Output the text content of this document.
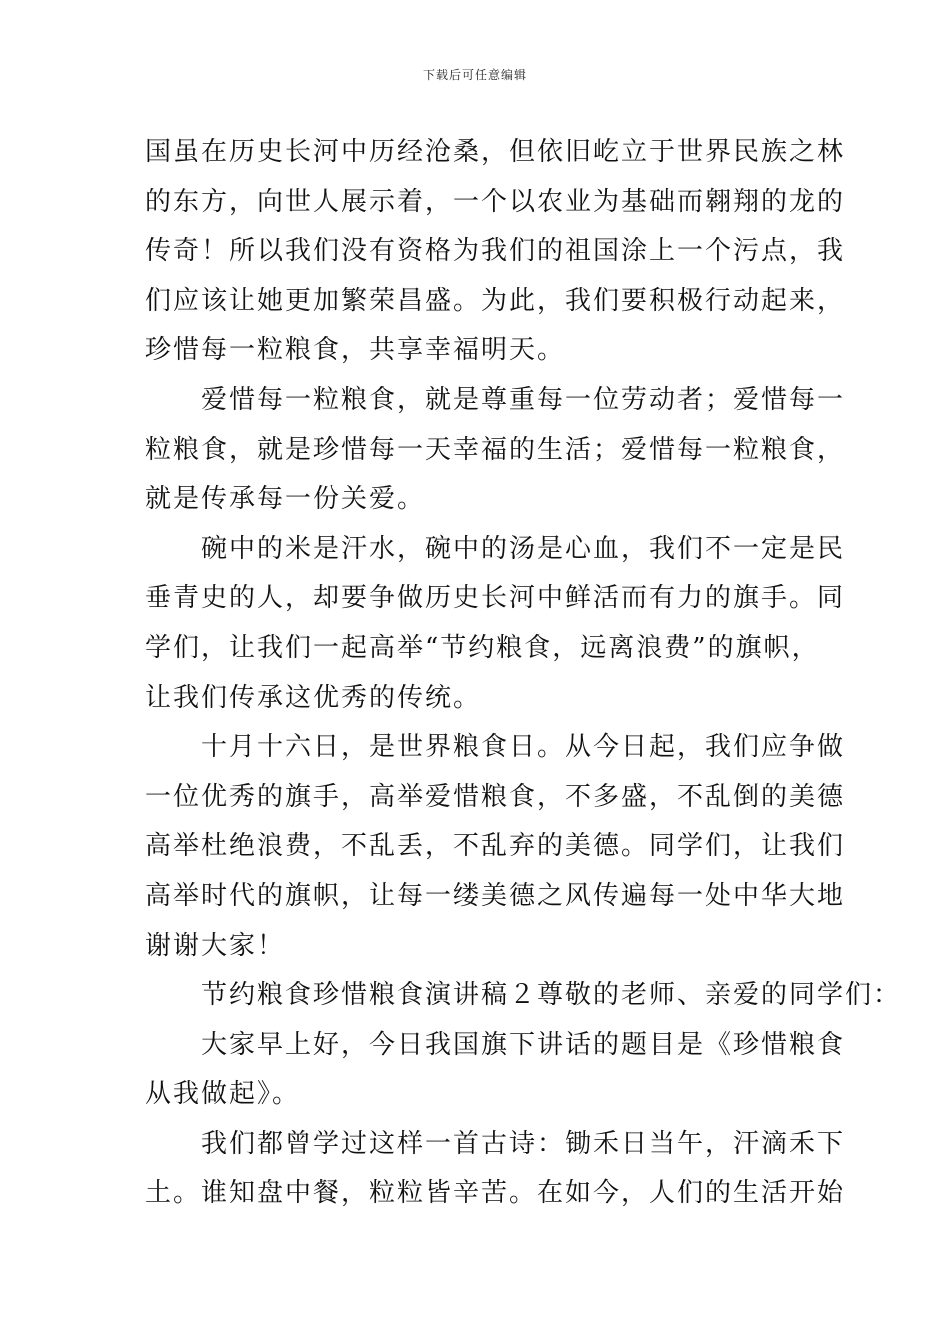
下载后可任意编辑
国虽在历史长河中历经沧桑，但依旧屹立于世界民族之林
的东方，向世人展示着，一个以农业为基础而翱翔的龙的
传奇！所以我们没有资格为我们的祖国涂上一个污点，我
们应该让她更加繁荣昌盛。为此，我们要积极行动起来，
珍惜每一粒粮食，共享幸福明天。
　　爱惜每一粒粮食，就是尊重每一位劳动者；爱惜每一
粒粮食，就是珍惜每一天幸福的生活；爱惜每一粒粮食，
就是传承每一份关爱。
　　碗中的米是汗水，碗中的汤是心血，我们不一定是民
垂青史的人，却要争做历史长河中鲜活而有力的旗手。同
学们，让我们一起高举“节约粮食，远离浪费”的旗帜，
让我们传承这优秀的传统。
　　十月十六日，是世界粮食日。从今日起，我们应争做
一位优秀的旗手，高举爱惜粮食，不多盛，不乱倒的美德
高举杜绝浪费，不乱丢，不乱弃的美德。同学们，让我们
高举时代的旗帜，让每一缕美德之风传遍每一处中华大地
谢谢大家！
　　节约粮食珍惜粮食演讲稿２尊敬的老师、亲爱的同学们：
　　大家早上好，今日我国旗下讲话的题目是《珍惜粮食
从我做起》。
　　我们都曾学过这样一首古诗：锄禾日当午，汗滴禾下
土。谁知盘中餐，粒粒皆辛苦。在如今，人们的生活开始
